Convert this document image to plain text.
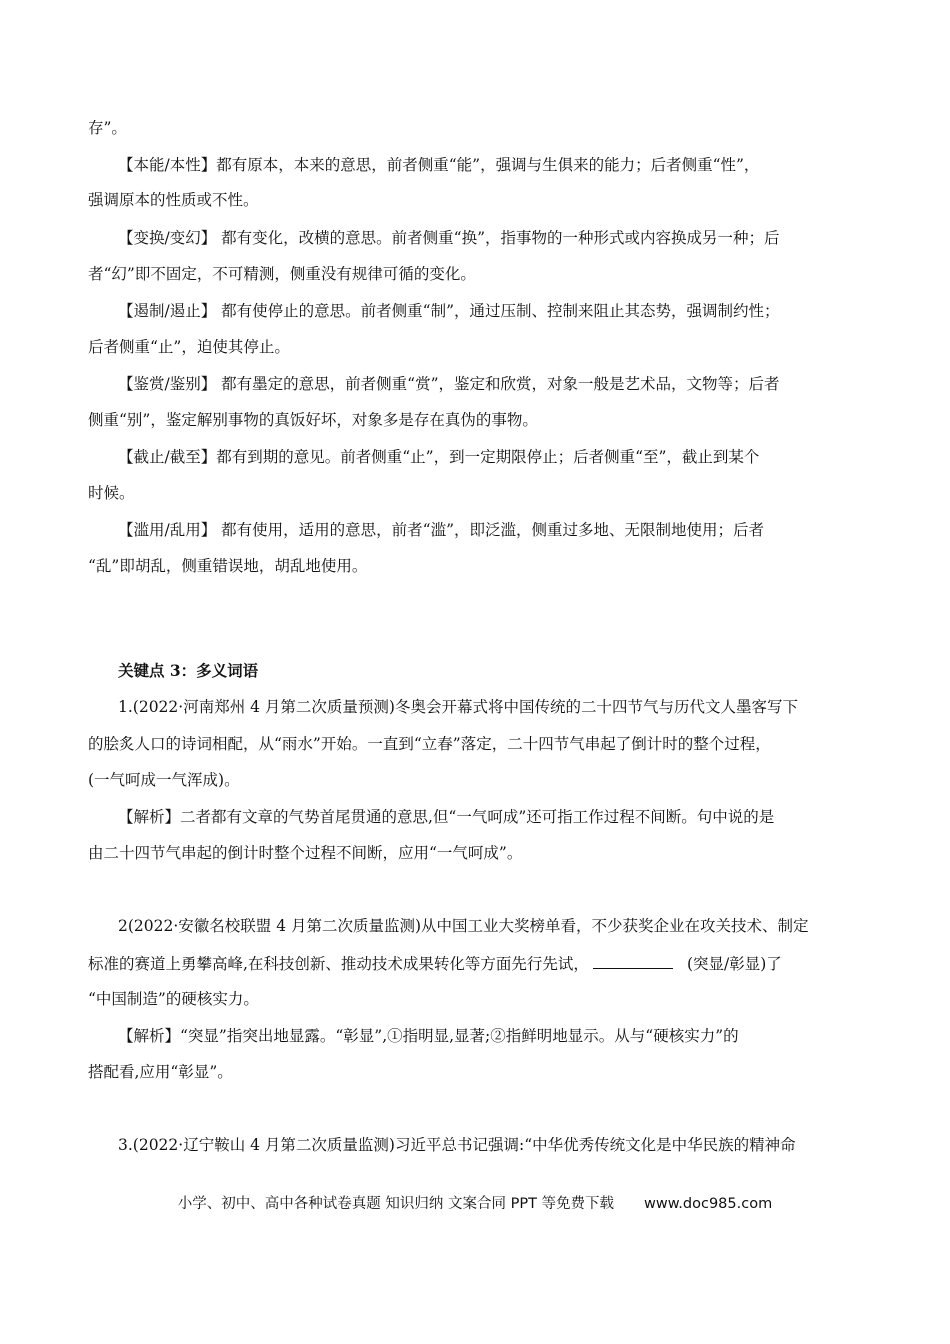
存”。
【本能/本性】都有原本，本来的意思，前者侧重“能”，强调与生俱来的能力；后者侧重“性”，
强调原本的性质或不性。
【变换/变幻】 都有变化，改横的意思。前者侧重“换”，指事物的一种形式或内容换成另一种；后
者“幻”即不固定，不可精测，侧重没有规律可循的变化。
【遏制/遏止】 都有使停止的意思。前者侧重“制”，通过压制、控制来阻止其态势，强调制约性；
后者侧重“止”，迫使其停止。
【鉴赏/鉴别】 都有墨定的意思，前者侧重“赏”，鉴定和欣赏，对象一般是艺术品，文物等；后者
侧重“别”，鉴定解别事物的真饭好坏，对象多是存在真伪的事物。
【截止/截至】都有到期的意见。前者侧重“止”，到一定期限停止；后者侧重“至”，截止到某个
时候。
【滥用/乱用】 都有使用，适用的意思，前者“滥”，即泛滥，侧重过多地、无限制地使用；后者
“乱”即胡乱，侧重错误地，胡乱地使用。
关键点 3：多义词语
1.(2022·河南郑州 4 月第二次质量预测)冬奥会开幕式将中国传统的二十四节气与历代文人墨客写下
的脍炙人口的诗词相配，从“雨水”开始。一直到“立春”落定，二十四节气串起了倒计时的整个过程，
(一气呵成一气浑成)。
【解析】二者都有文章的气势首尾贯通的意思,但“一气呵成”还可指工作过程不间断。句中说的是
由二十四节气串起的倒计时整个过程不间断，应用“一气呵成”。
2(2022·安徽名校联盟 4 月第二次质量监测)从中国工业大奖榜单看，不少获奖企业在攻关技术、制定
标准的赛道上勇攀高峰,在科技创新、推动技术成果转化等方面先行先试，	(突显/彰显)了
“中国制造”的硬核实力。
【解析】“突显”指突出地显露。“彰显”,①指明显,显著;②指鲜明地显示。从与“硬核实力”的
搭配看,应用“彰显”。
3.(2022·辽宁鞍山 4 月第二次质量监测)习近平总书记强调:“中华优秀传统文化是中华民族的精神命
小学、初中、高中各种试卷真题 知识归纳 文案合同 PPT 等免费下载 www.doc985.com
